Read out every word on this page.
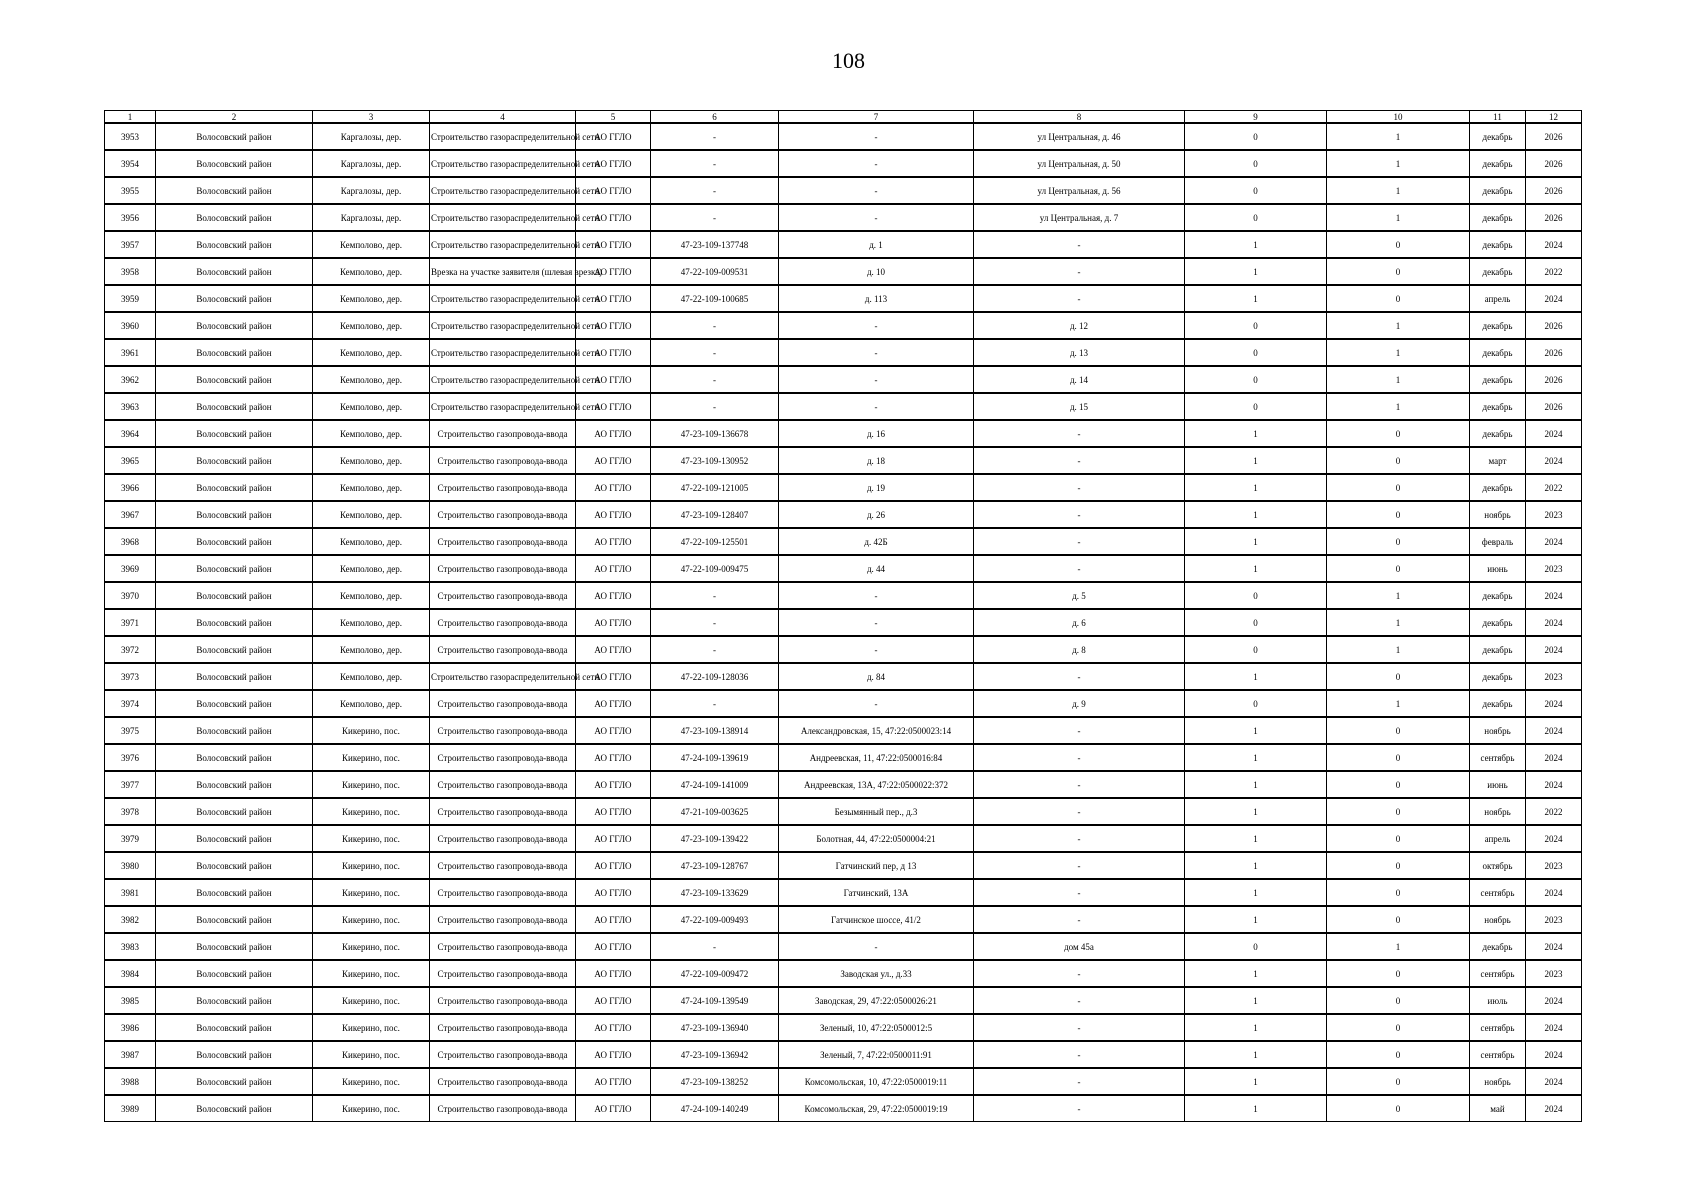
108
1	2	3	4	5	6	7	8	9	10	11	12
3953	Волосовский район	Каргалозы, дер.	Строительство газораспределительной сети	АО ГГЛО	-	-	ул Центральная, д. 46	0	1	декабрь	2026
3954	Волосовский район	Каргалозы, дер.	Строительство газораспределительной сети	АО ГГЛО	-	-	ул Центральная, д. 50	0	1	декабрь	2026
3955	Волосовский район	Каргалозы, дер.	Строительство газораспределительной сети	АО ГГЛО	-	-	ул Центральная, д. 56	0	1	декабрь	2026
3956	Волосовский район	Каргалозы, дер.	Строительство газораспределительной сети	АО ГГЛО	-	-	ул Центральная, д. 7	0	1	декабрь	2026
3957	Волосовский район	Кемполово, дер.	Строительство газораспределительной сети	АО ГГЛО	47-23-109-137748	д. 1	-	1	0	декабрь	2024
3958	Волосовский район	Кемполово, дер.	Врезка на участке заявителя (шлевая врезка)	АО ГГЛО	47-22-109-009531	д. 10	-	1	0	декабрь	2022
3959	Волосовский район	Кемполово, дер.	Строительство газораспределительной сети	АО ГГЛО	47-22-109-100685	д. 113	-	1	0	апрель	2024
3960	Волосовский район	Кемполово, дер.	Строительство газораспределительной сети	АО ГГЛО	-	-	д. 12	0	1	декабрь	2026
3961	Волосовский район	Кемполово, дер.	Строительство газораспределительной сети	АО ГГЛО	-	-	д. 13	0	1	декабрь	2026
3962	Волосовский район	Кемполово, дер.	Строительство газораспределительной сети	АО ГГЛО	-	-	д. 14	0	1	декабрь	2026
3963	Волосовский район	Кемполово, дер.	Строительство газораспределительной сети	АО ГГЛО	-	-	д. 15	0	1	декабрь	2026
3964	Волосовский район	Кемполово, дер.	Строительство газопровода-ввода	АО ГГЛО	47-23-109-136678	д. 16	-	1	0	декабрь	2024
3965	Волосовский район	Кемполово, дер.	Строительство газопровода-ввода	АО ГГЛО	47-23-109-130952	д. 18	-	1	0	март	2024
3966	Волосовский район	Кемполово, дер.	Строительство газопровода-ввода	АО ГГЛО	47-22-109-121005	д. 19	-	1	0	декабрь	2022
3967	Волосовский район	Кемполово, дер.	Строительство газопровода-ввода	АО ГГЛО	47-23-109-128407	д. 26	-	1	0	ноябрь	2023
3968	Волосовский район	Кемполово, дер.	Строительство газопровода-ввода	АО ГГЛО	47-22-109-125501	д. 42Б	-	1	0	февраль	2024
3969	Волосовский район	Кемполово, дер.	Строительство газопровода-ввода	АО ГГЛО	47-22-109-009475	д. 44	-	1	0	июнь	2023
3970	Волосовский район	Кемполово, дер.	Строительство газопровода-ввода	АО ГГЛО	-	-	д. 5	0	1	декабрь	2024
3971	Волосовский район	Кемполово, дер.	Строительство газопровода-ввода	АО ГГЛО	-	-	д. 6	0	1	декабрь	2024
3972	Волосовский район	Кемполово, дер.	Строительство газопровода-ввода	АО ГГЛО	-	-	д. 8	0	1	декабрь	2024
3973	Волосовский район	Кемполово, дер.	Строительство газораспределительной сети	АО ГГЛО	47-22-109-128036	д. 84	-	1	0	декабрь	2023
3974	Волосовский район	Кемполово, дер.	Строительство газопровода-ввода	АО ГГЛО	-	-	д. 9	0	1	декабрь	2024
3975	Волосовский район	Кикерино, пос.	Строительство газопровода-ввода	АО ГГЛО	47-23-109-138914	Александровская, 15, 47:22:0500023:14	-	1	0	ноябрь	2024
3976	Волосовский район	Кикерино, пос.	Строительство газопровода-ввода	АО ГГЛО	47-24-109-139619	Андреевская, 11, 47:22:0500016:84	-	1	0	сентябрь	2024
3977	Волосовский район	Кикерино, пос.	Строительство газопровода-ввода	АО ГГЛО	47-24-109-141009	Андреевская, 13А, 47:22:0500022:372	-	1	0	июнь	2024
3978	Волосовский район	Кикерино, пос.	Строительство газопровода-ввода	АО ГГЛО	47-21-109-003625	Безымянный пер., д.3	-	1	0	ноябрь	2022
3979	Волосовский район	Кикерино, пос.	Строительство газопровода-ввода	АО ГГЛО	47-23-109-139422	Болотная, 44, 47:22:0500004:21	-	1	0	апрель	2024
3980	Волосовский район	Кикерино, пос.	Строительство газопровода-ввода	АО ГГЛО	47-23-109-128767	Гатчинский пер, д 13	-	1	0	октябрь	2023
3981	Волосовский район	Кикерино, пос.	Строительство газопровода-ввода	АО ГГЛО	47-23-109-133629	Гатчинский, 13А	-	1	0	сентябрь	2024
3982	Волосовский район	Кикерино, пос.	Строительство газопровода-ввода	АО ГГЛО	47-22-109-009493	Гатчинское шоссе, 41/2	-	1	0	ноябрь	2023
3983	Волосовский район	Кикерино, пос.	Строительство газопровода-ввода	АО ГГЛО	-	-	дом 45а	0	1	декабрь	2024
3984	Волосовский район	Кикерино, пос.	Строительство газопровода-ввода	АО ГГЛО	47-22-109-009472	Заводская ул., д.33	-	1	0	сентябрь	2023
3985	Волосовский район	Кикерино, пос.	Строительство газопровода-ввода	АО ГГЛО	47-24-109-139549	Заводская, 29, 47:22:0500026:21	-	1	0	июль	2024
3986	Волосовский район	Кикерино, пос.	Строительство газопровода-ввода	АО ГГЛО	47-23-109-136940	Зеленый, 10, 47:22:0500012:5	-	1	0	сентябрь	2024
3987	Волосовский район	Кикерино, пос.	Строительство газопровода-ввода	АО ГГЛО	47-23-109-136942	Зеленый, 7, 47:22:0500011:91	-	1	0	сентябрь	2024
3988	Волосовский район	Кикерино, пос.	Строительство газопровода-ввода	АО ГГЛО	47-23-109-138252	Комсомольская, 10, 47:22:0500019:11	-	1	0	ноябрь	2024
3989	Волосовский район	Кикерино, пос.	Строительство газопровода-ввода	АО ГГЛО	47-24-109-140249	Комсомольская, 29, 47:22:0500019:19	-	1	0	май	2024
